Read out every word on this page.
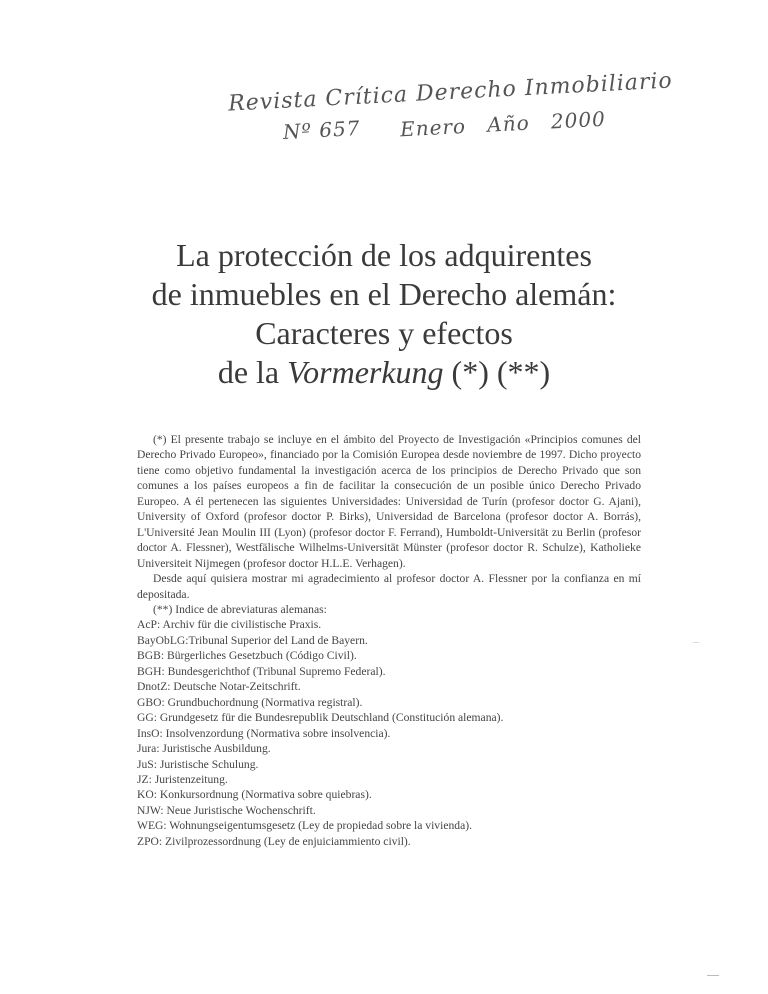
Revista Crítica Derecho Inmobiliario
Nº 657 Enero Año 2000
La protección de los adquirentes
de inmuebles en el Derecho alemán:
Caracteres y efectos
de la Vormerkung (*) (**)

(*) El presente trabajo se incluye en el ámbito del Proyecto de Investigación «Principios comunes del Derecho Privado Europeo», financiado por la Comisión Europea desde noviembre de 1997. Dicho proyecto tiene como objetivo fundamental la investigación acerca de los principios de Derecho Privado que son comunes a los países europeos a fin de facilitar la consecución de un posible único Derecho Privado Europeo. A él pertenecen las siguientes Universidades: Universidad de Turín (profesor doctor G. Ajani), University of Oxford (profesor doctor P. Birks), Universidad de Barcelona (profesor doctor A. Borrás), L'Université Jean Moulin III (Lyon) (profesor doctor F. Ferrand), Humboldt-Universität zu Berlin (profesor doctor A. Flessner), Westfälische Wilhelms-Universität Münster (profesor doctor R. Schulze), Katholieke Universiteit Nijmegen (profesor doctor H.L.E. Verhagen).

Desde aquí quisiera mostrar mi agradecimiento al profesor doctor A. Flessner por la confianza en mí depositada.

(**) Indice de abreviaturas alemanas:

AcP: Archiv für die civilistische Praxis.

BayObLG:Tribunal Superior del Land de Bayern.

BGB: Bürgerliches Gesetzbuch (Código Civil).

BGH: Bundesgerichthof (Tribunal Supremo Federal).

DnotZ: Deutsche Notar-Zeitschrift.

GBO: Grundbuchordnung (Normativa registral).

GG: Grundgesetz für die Bundesrepublik Deutschland (Constitución alemana).

InsO: Insolvenzordung (Normativa sobre insolvencia).

Jura: Juristische Ausbildung.

JuS: Juristische Schulung.

JZ: Juristenzeitung.

KO: Konkursordnung (Normativa sobre quiebras).

NJW: Neue Juristische Wochenschrift.

WEG: Wohnungseigentumsgesetz (Ley de propiedad sobre la vivienda).

ZPO: Zivilprozessordnung (Ley de enjuiciammiento civil).
